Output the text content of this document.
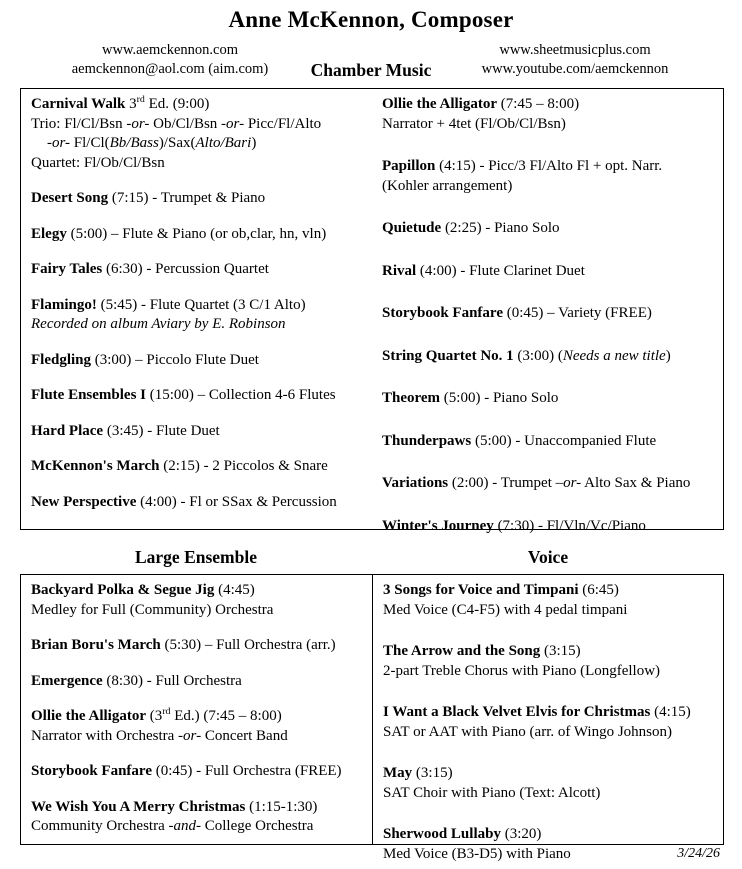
Anne McKennon, Composer
www.aemckennon.com
aemckennon@aol.com (aim.com)	Chamber Music
www.sheetmusicplus.com
www.youtube.com/aemckennon
Carnival Walk 3rd Ed. (9:00)
Trio: Fl/Cl/Bsn -or- Ob/Cl/Bsn -or- Picc/Fl/Alto
-or- Fl/Cl(Bb/Bass)/Sax(Alto/Bari)
Quartet: Fl/Ob/Cl/Bsn
Desert Song (7:15) - Trumpet & Piano
Elegy (5:00) – Flute & Piano (or ob,clar, hn, vln)
Fairy Tales (6:30) - Percussion Quartet
Flamingo! (5:45) - Flute Quartet (3 C/1 Alto)
Recorded on album Aviary by E. Robinson
Fledgling (3:00) – Piccolo Flute Duet
Flute Ensembles I (15:00) – Collection 4-6 Flutes
Hard Place (3:45) - Flute Duet
McKennon's March (2:15) - 2 Piccolos & Snare
New Perspective (4:00) - Fl or SSax & Percussion
Ollie the Alligator (7:45 – 8:00)
Narrator + 4tet (Fl/Ob/Cl/Bsn)
Papillon (4:15) - Picc/3 Fl/Alto Fl + opt. Narr.
(Kohler arrangement)
Quietude (2:25) - Piano Solo
Rival (4:00) - Flute Clarinet Duet
Storybook Fanfare (0:45) – Variety (FREE)
String Quartet No. 1 (3:00) (Needs a new title)
Theorem (5:00) - Piano Solo
Thunderpaws (5:00) - Unaccompanied Flute
Variations (2:00) - Trumpet –or- Alto Sax & Piano
Winter's Journey (7:30) - Fl/Vln/Vc/Piano
Large Ensemble	Voice
Backyard Polka & Segue Jig (4:45)
Medley for Full (Community) Orchestra
Brian Boru's March (5:30) – Full Orchestra (arr.)
Emergence (8:30) - Full Orchestra
Ollie the Alligator (3rd Ed.) (7:45 – 8:00)
Narrator with Orchestra -or- Concert Band
Storybook Fanfare (0:45) - Full Orchestra (FREE)
We Wish You A Merry Christmas (1:15-1:30)
Community Orchestra -and- College Orchestra
3 Songs for Voice and Timpani (6:45)
Med Voice (C4-F5) with 4 pedal timpani
The Arrow and the Song (3:15)
2-part Treble Chorus with Piano (Longfellow)
I Want a Black Velvet Elvis for Christmas (4:15)
SAT or AAT with Piano (arr. of Wingo Johnson)
May (3:15)
SAT Choir with Piano (Text: Alcott)
Sherwood Lullaby (3:20)
Med Voice (B3-D5) with Piano	3/24/26
